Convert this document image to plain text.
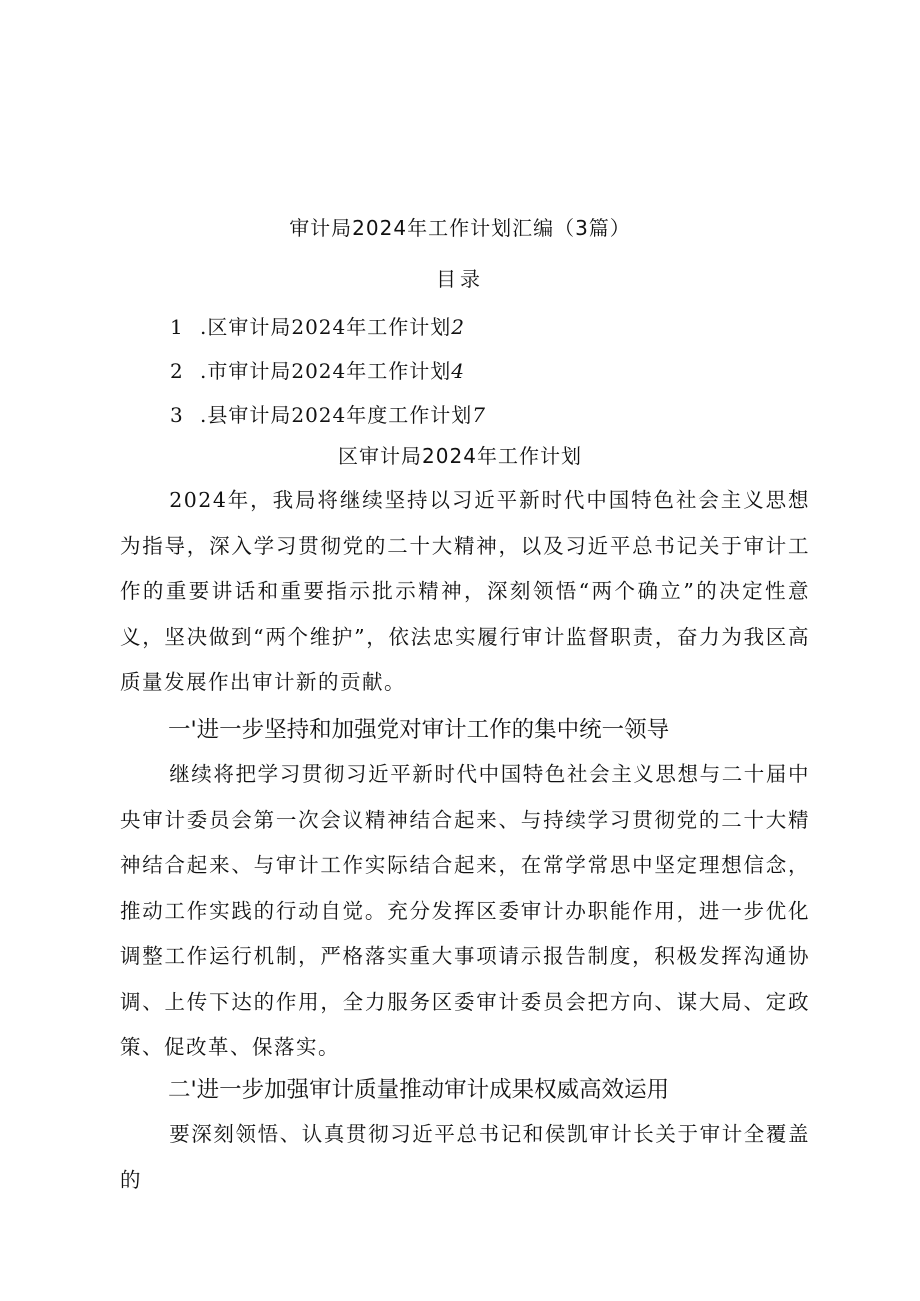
审计局2024年工作计划汇编（3篇）
目录
1 .区审计局2024年工作计划2
2 .市审计局2024年工作计划4
3 .县审计局2024年度工作计划7
区审计局2024年工作计划

2024年，我局将继续坚持以习近平新时代中国特色社会主义思想为指导，深入学习贯彻党的二十大精神，以及习近平总书记关于审计工作的重要讲话和重要指示批示精神，深刻领悟“两个确立”的决定性意义，坚决做到“两个维护”，依法忠实履行审计监督职责，奋力为我区高质量发展作出审计新的贡献。

一'进一步坚持和加强党对审计工作的集中统一领导

继续将把学习贯彻习近平新时代中国特色社会主义思想与二十届中央审计委员会第一次会议精神结合起来、与持续学习贯彻党的二十大精神结合起来、与审计工作实际结合起来，在常学常思中坚定理想信念，推动工作实践的行动自觉。充分发挥区委审计办职能作用，进一步优化调整工作运行机制，严格落实重大事项请示报告制度，积极发挥沟通协调、上传下达的作用，全力服务区委审计委员会把方向、谋大局、定政策、促改革、保落实。

二'进一步加强审计质量推动审计成果权威高效运用

要深刻领悟、认真贯彻习近平总书记和侯凯审计长关于审计全覆盖的
